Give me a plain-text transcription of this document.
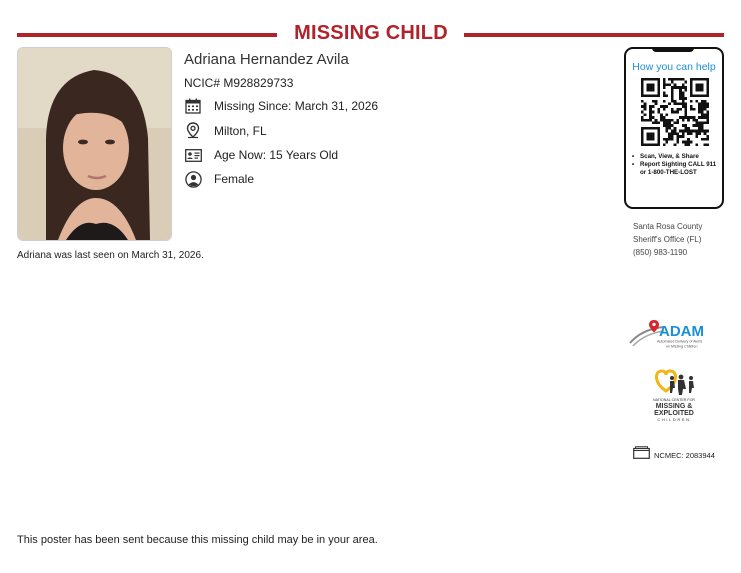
MISSING CHILD
Adriana Hernandez Avila
NCIC# M928829733
Missing Since: March 31, 2026
Milton, FL
Age Now: 15 Years Old
Female
Adriana was last seen on March 31, 2026.
How you can help
• Scan, View, & Share
• Report Sighting CALL 911 or 1-800-THE-LOST
Santa Rosa County
Sheriff's Office (FL)
(850) 983-1190
ADAM
Automated Delivery of Alerts
on Missing Children
NATIONAL CENTER FOR
MISSING &
EXPLOITED
CHILDREN
NCMEC: 2083944
This poster has been sent because this missing child may be in your area.
